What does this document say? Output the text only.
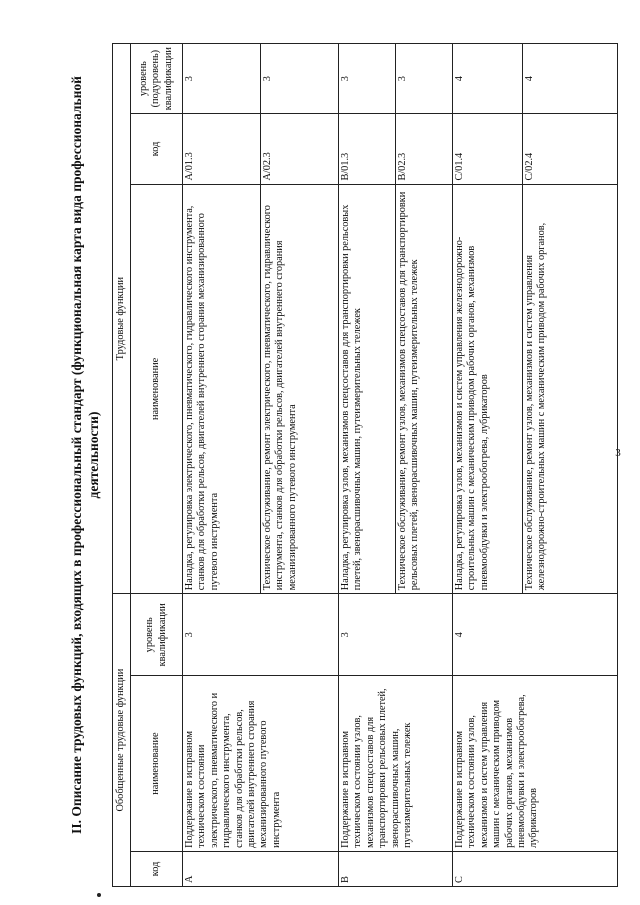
3
II. Описание трудовых функций, входящих в профессиональный стандарт (функциональная карта вида профессиональной деятельности)
Обобщенные трудовые функции			Трудовые функции		
код	наименование	уровень квалификации	наименование	код	уровень (подуровень) квалификации
A	Поддержание в исправном техническом состоянии электрического, пневматического и гидравлического инструмента, станков для обработки рельсов, двигателей внутреннего сгорания механизированного путевого инструмента	3	Наладка, регулировка электрического, пневматического, гидравлического инструмента, станков для обработки рельсов, двигателей внутреннего сгорания механизированного путевого инструмента	A/01.3	3
			Техническое обслуживание, ремонт электрического, пневматического, гидравлического инструмента, станков для обработки рельсов, двигателей внутреннего сгорания механизированного путевого инструмента	A/02.3	3
B	Поддержание в исправном техническом состоянии узлов, механизмов спецсоставов для транспортировки рельсовых плетей, звенорасшивочных машин, путеизмерительных тележек	3	Наладка, регулировка узлов, механизмов спецсоставов для транспортировки рельсовых плетей, звенорасшивочных машин, путеизмерительных тележек	B/01.3	3
			Техническое обслуживание, ремонт узлов, механизмов спецсоставов для транспортировки рельсовых плетей, звенорасшивочных машин, путеизмерительных тележек	B/02.3	3
C	Поддержание в исправном техническом состоянии узлов, механизмов и систем управления машин с механическим приводом рабочих органов, механизмов пневмообдувки и электрообогрева, лубрикаторов	4	Наладка, регулировка узлов, механизмов и систем управления железнодорожно-строительных машин с механическим приводом рабочих органов, механизмов пневмообдувки и электрообогрева, лубрикаторов	C/01.4	4
			Техническое обслуживание, ремонт узлов, механизмов и систем управления железнодорожно-строительных машин с механическим приводом рабочих органов,	C/02.4	4
